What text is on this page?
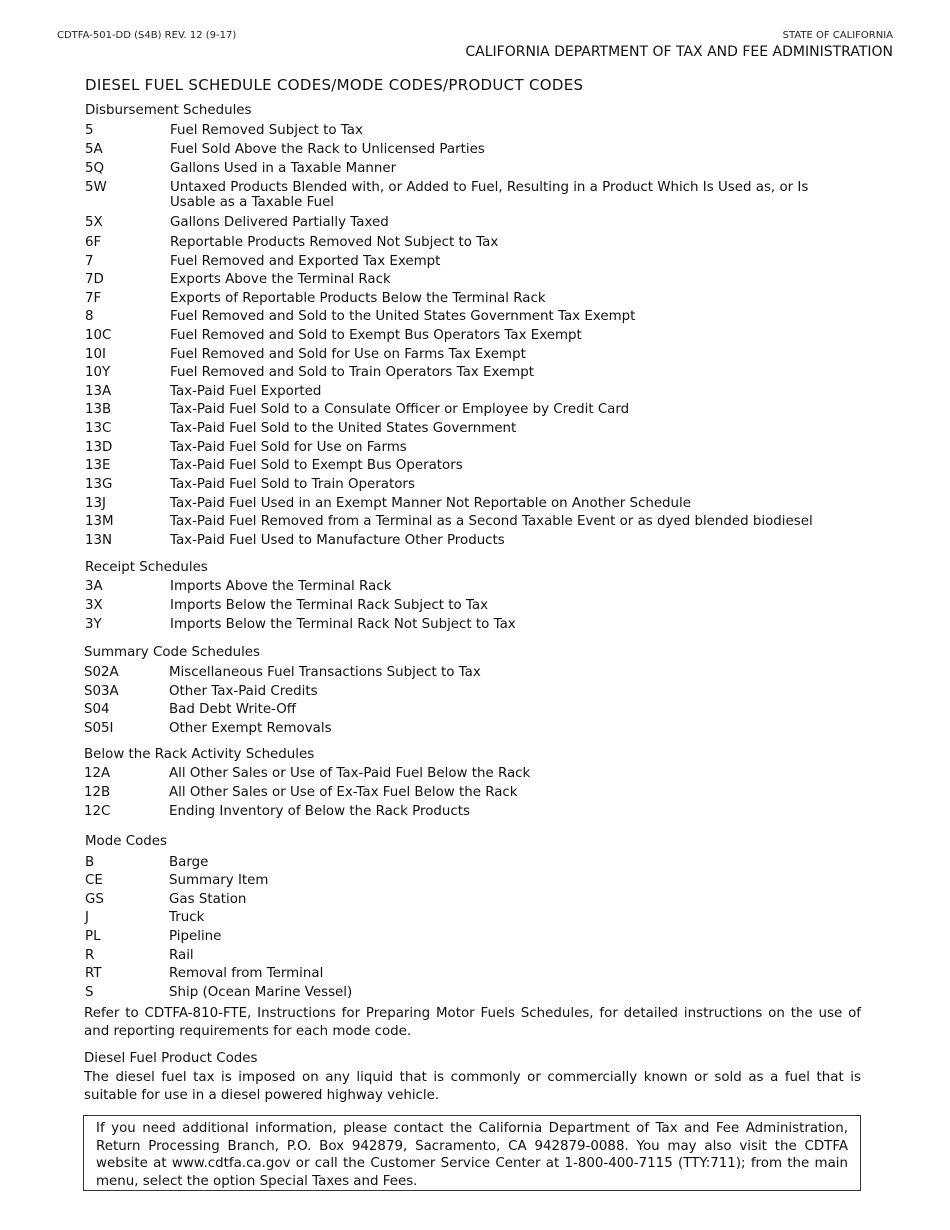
CDTFA-501-DD (S4B) REV. 12 (9-17)	STATE OF CALIFORNIA
CALIFORNIA DEPARTMENT OF TAX AND FEE ADMINISTRATION
DIESEL FUEL SCHEDULE CODES/MODE CODES/PRODUCT CODES
Disbursement Schedules
5	Fuel Removed Subject to Tax
5A	Fuel Sold Above the Rack to Unlicensed Parties
5Q	Gallons Used in a Taxable Manner
5W	Untaxed Products Blended with, or Added to Fuel, Resulting in a Product Which Is Used as, or Is Usable as a Taxable Fuel
5X	Gallons Delivered Partially Taxed
6F	Reportable Products Removed Not Subject to Tax
7	Fuel Removed and Exported Tax Exempt
7D	Exports Above the Terminal Rack
7F	Exports of Reportable Products Below the Terminal Rack
8	Fuel Removed and Sold to the United States Government Tax Exempt
10C	Fuel Removed and Sold to Exempt Bus Operators Tax Exempt
10I	Fuel Removed and Sold for Use on Farms Tax Exempt
10Y	Fuel Removed and Sold to Train Operators Tax Exempt
13A	Tax-Paid Fuel Exported
13B	Tax-Paid Fuel Sold to a Consulate Officer or Employee by Credit Card
13C	Tax-Paid Fuel Sold to the United States Government
13D	Tax-Paid Fuel Sold for Use on Farms
13E	Tax-Paid Fuel Sold to Exempt Bus Operators
13G	Tax-Paid Fuel Sold to Train Operators
13J	Tax-Paid Fuel Used in an Exempt Manner Not Reportable on Another Schedule
13M	Tax-Paid Fuel Removed from a Terminal as a Second Taxable Event or as dyed blended biodiesel
13N	Tax-Paid Fuel Used to Manufacture Other Products
Receipt Schedules
3A	Imports Above the Terminal Rack
3X	Imports Below the Terminal Rack Subject to Tax
3Y	Imports Below the Terminal Rack Not Subject to Tax
Summary Code Schedules
S02A	Miscellaneous Fuel Transactions Subject to Tax
S03A	Other Tax-Paid Credits
S04	Bad Debt Write-Off
S05I	Other Exempt Removals
Below the Rack Activity Schedules
12A	All Other Sales or Use of Tax-Paid Fuel Below the Rack
12B	All Other Sales or Use of Ex-Tax Fuel Below the Rack
12C	Ending Inventory of Below the Rack Products
Mode Codes
B	Barge
CE	Summary Item
GS	Gas Station
J	Truck
PL	Pipeline
R	Rail
RT	Removal from Terminal
S	Ship (Ocean Marine Vessel)
Refer to CDTFA-810-FTE, Instructions for Preparing Motor Fuels Schedules, for detailed instructions on the use of and reporting requirements for each mode code.
Diesel Fuel Product Codes
The diesel fuel tax is imposed on any liquid that is commonly or commercially known or sold as a fuel that is suitable for use in a diesel powered highway vehicle.
If you need additional information, please contact the California Department of Tax and Fee Administration, Return Processing Branch, P.O. Box 942879, Sacramento, CA 942879-0088. You may also visit the CDTFA website at www.cdtfa.ca.gov or call the Customer Service Center at 1-800-400-7115 (TTY:711); from the main menu, select the option Special Taxes and Fees.
